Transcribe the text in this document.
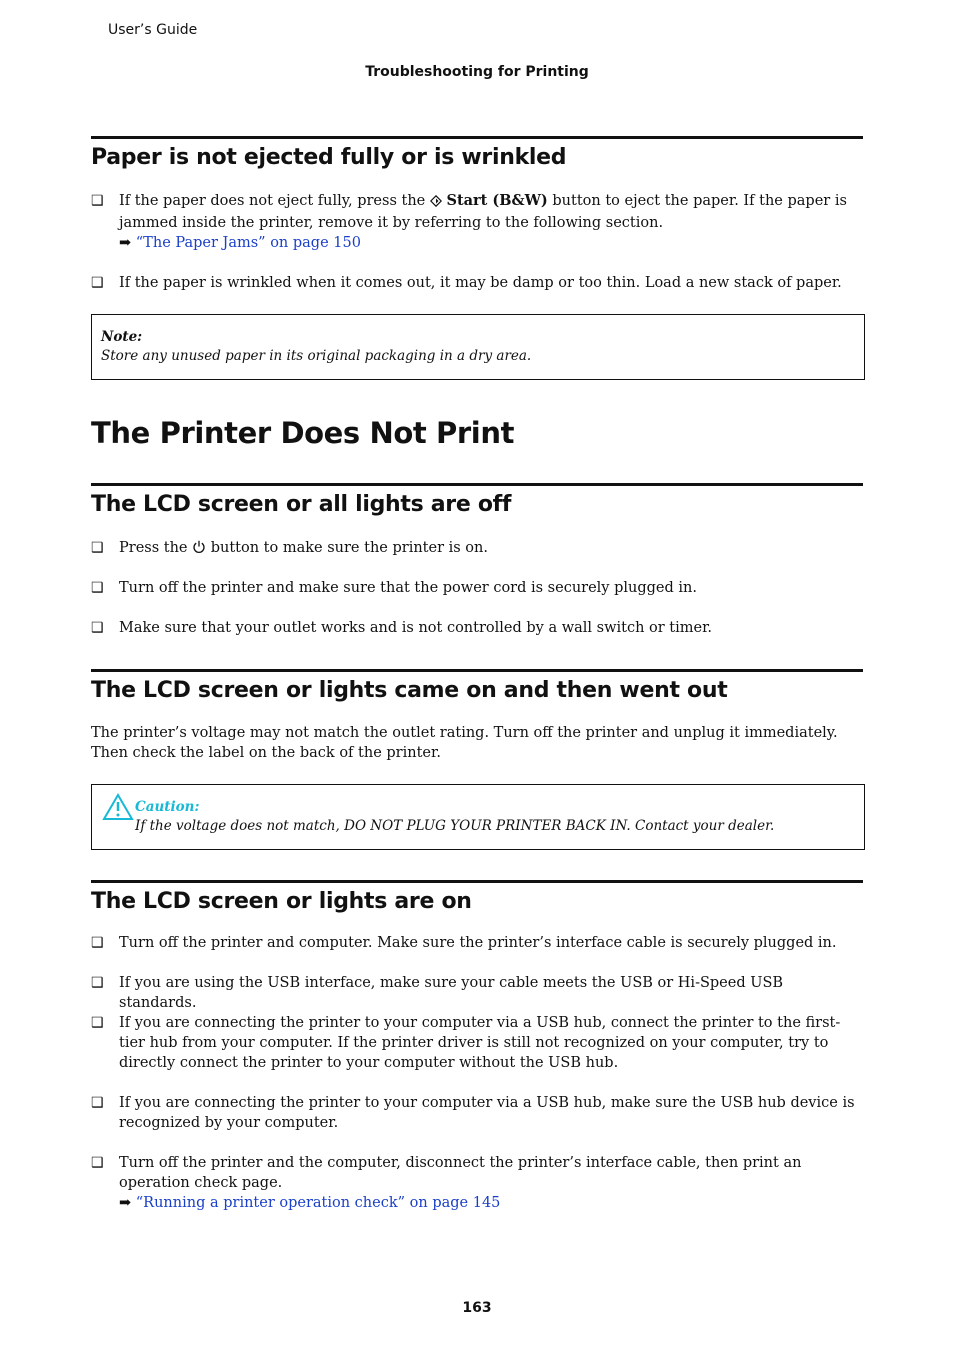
User’s Guide
Troubleshooting for Printing
Paper is not ejected fully or is wrinkled
❑ If the paper does not eject fully, press the  Start (B&W) button to eject the paper. If the paper is jammed inside the printer, remove it by referring to the following section.
➡ “The Paper Jams” on page 150
❑ If the paper is wrinkled when it comes out, it may be damp or too thin. Load a new stack of paper.
Note:
Store any unused paper in its original packaging in a dry area.
The Printer Does Not Print
The LCD screen or all lights are off
❑ Press the  button to make sure the printer is on.
❑ Turn off the printer and make sure that the power cord is securely plugged in.
❑ Make sure that your outlet works and is not controlled by a wall switch or timer.
The LCD screen or lights came on and then went out
The printer’s voltage may not match the outlet rating. Turn off the printer and unplug it immediately. Then check the label on the back of the printer.
Caution:
If the voltage does not match, DO NOT PLUG YOUR PRINTER BACK IN. Contact your dealer.
The LCD screen or lights are on
❑ Turn off the printer and computer. Make sure the printer’s interface cable is securely plugged in.
❑ If you are using the USB interface, make sure your cable meets the USB or Hi-Speed USB standards.
❑ If you are connecting the printer to your computer via a USB hub, connect the printer to the first-tier hub from your computer. If the printer driver is still not recognized on your computer, try to directly connect the printer to your computer without the USB hub.
❑ If you are connecting the printer to your computer via a USB hub, make sure the USB hub device is recognized by your computer.
❑ Turn off the printer and the computer, disconnect the printer’s interface cable, then print an operation check page.
➡ “Running a printer operation check” on page 145
163
